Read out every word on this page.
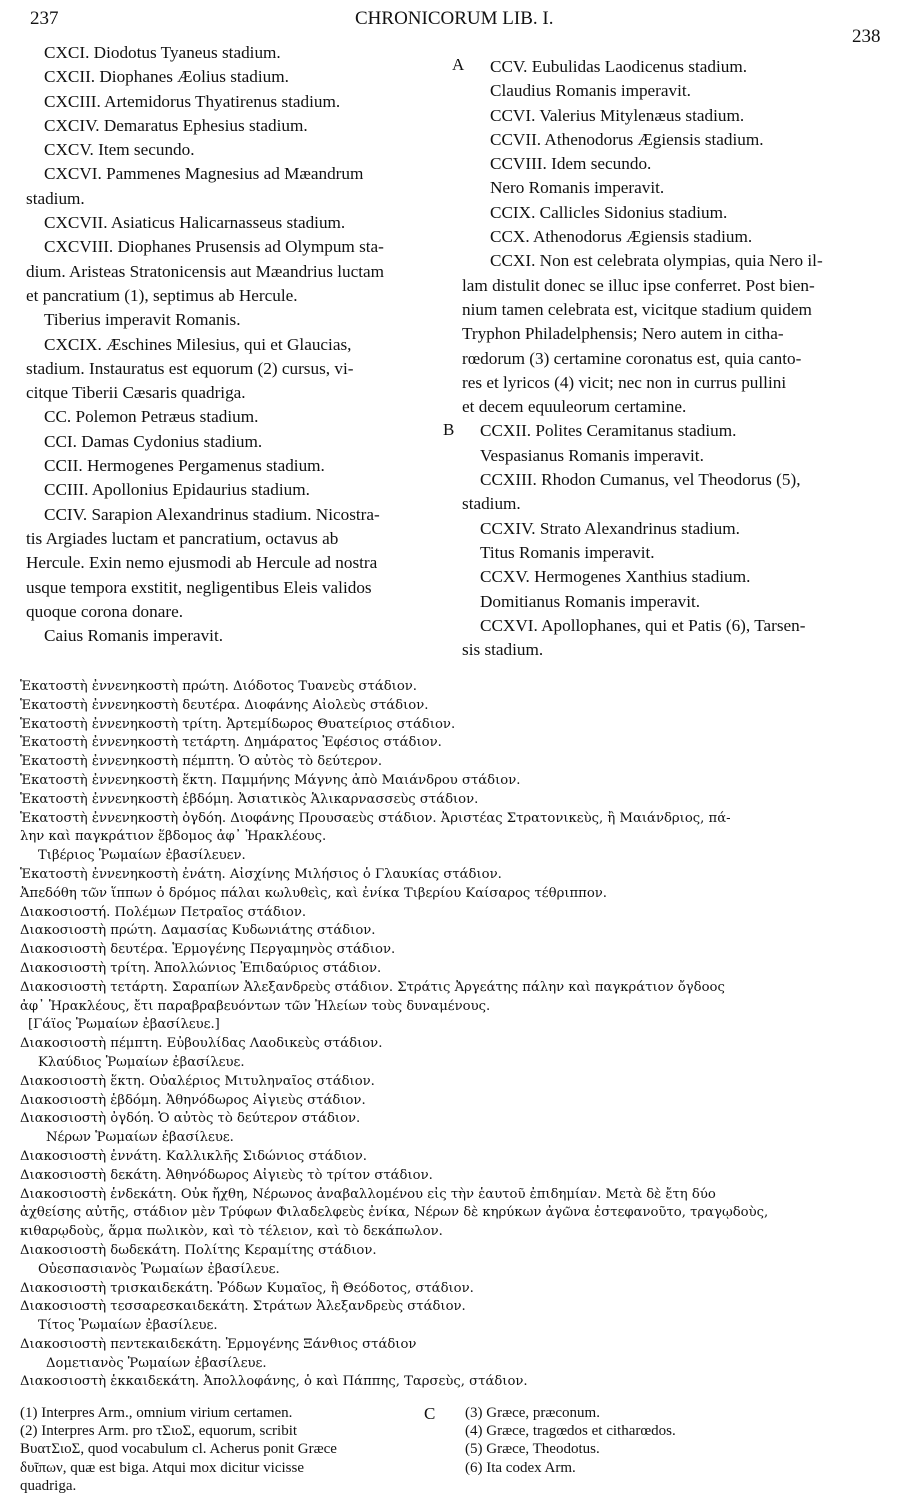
237	CHRONICORUM LIB. I.
238
A
B
C
CXCI. Diodotus Tyaneus stadium.
CXCII. Diophanes Æolius stadium.
CXCIII. Artemidorus Thyatirenus stadium.
CXCIV. Demaratus Ephesius stadium.
CXCV. Item secundo.
CXCVI. Pammenes Magnesius ad Mæandrum
stadium.
CXCVII. Asiaticus Halicarnasseus stadium.
CXCVIII. Diophanes Prusensis ad Olympum sta-
dium. Aristeas Stratonicensis aut Mæandrius luctam
et pancratium (1), septimus ab Hercule.
Tiberius imperavit Romanis.
CXCIX. Æschines Milesius, qui et Glaucias,
stadium. Instauratus est equorum (2) cursus, vi-
citque Tiberii Cæsaris quadriga.
CC. Polemon Petræus stadium.
CCI. Damas Cydonius stadium.
CCII. Hermogenes Pergamenus stadium.
CCIII. Apollonius Epidaurius stadium.
CCIV. Sarapion Alexandrinus stadium. Nicostra-
tis Argiades luctam et pancratium, octavus ab
Hercule. Exin nemo ejusmodi ab Hercule ad nostra
usque tempora exstitit, negligentibus Eleis validos
quoque corona donare.
Caius Romanis imperavit.
CCV. Eubulidas Laodicenus stadium.
Claudius Romanis imperavit.
CCVI. Valerius Mitylenæus stadium.
CCVII. Athenodorus Ægiensis stadium.
CCVIII. Idem secundo.
Nero Romanis imperavit.
CCIX. Callicles Sidonius stadium.
CCX. Athenodorus Ægiensis stadium.
CCXI. Non est celebrata olympias, quia Nero il-
lam distulit donec se illuc ipse conferret. Post bien-
nium tamen celebrata est, vicitque stadium quidem
Tryphon Philadelphensis; Nero autem in citha-
rœdorum (3) certamine coronatus est, quia canto-
res et lyricos (4) vicit; nec non in currus pullini
et decem equuleorum certamine.
CCXII. Polites Ceramitanus stadium.
Vespasianus Romanis imperavit.
CCXIII. Rhodon Cumanus, vel Theodorus (5),
stadium.
CCXIV. Strato Alexandrinus stadium.
Titus Romanis imperavit.
CCXV. Hermogenes Xanthius stadium.
Domitianus Romanis imperavit.
CCXVI. Apollophanes, qui et Patis (6), Tarsen-
sis stadium.
Ἑκατοστὴ ἐννενηκοστὴ πρώτη. Διόδοτος Τυανεὺς στάδιον.
Ἑκατοστὴ ἐννενηκοστὴ δευτέρα. Διοφάνης Αἰολεὺς στάδιον.
Ἑκατοστὴ ἐννενηκοστὴ τρίτη. Ἀρτεμίδωρος Θυατείριος στάδιον.
Ἑκατοστὴ ἐννενηκοστὴ τετάρτη. Δημάρατος Ἐφέσιος στάδιον.
Ἑκατοστὴ ἐννενηκοστὴ πέμπτη. Ὁ αὐτὸς τὸ δεύτερον.
Ἑκατοστὴ ἐννενηκοστὴ ἕκτη. Παμμήνης Μάγνης ἀπὸ Μαιάνδρου στάδιον.
Ἑκατοστὴ ἐννενηκοστὴ ἑβδόμη. Ἀσιατικὸς Ἁλικαρνασσεὺς στάδιον.
Ἑκατοστὴ ἐννενηκοστὴ ὀγδόη. Διοφάνης Προυσαεὺς στάδιον. Ἀριστέας Στρατονικεὺς, ἢ Μαιάνδριος, πά-
λην καὶ παγκράτιον ἕβδομος ἀφ᾽ Ἡρακλέους.
Τιβέριος Ῥωμαίων ἐβασίλευεν.
Ἑκατοστὴ ἐννενηκοστὴ ἐνάτη. Αἰσχίνης Μιλήσιος ὁ Γλαυκίας στάδιον.
Ἀπεδόθη τῶν ἵππων ὁ δρόμος πάλαι κωλυθεὶς, καὶ ἐνίκα Τιβερίου Καίσαρος τέθριππον.
Διακοσιοστή. Πολέμων Πετραῖος στάδιον.
Διακοσιοστὴ πρώτη. Δαμασίας Κυδωνιάτης στάδιον.
Διακοσιοστὴ δευτέρα. Ἑρμογένης Περγαμηνὸς στάδιον.
Διακοσιοστὴ τρίτη. Ἀπολλώνιος Ἐπιδαύριος στάδιον.
Διακοσιοστὴ τετάρτη. Σαραπίων Ἀλεξανδρεὺς στάδιον. Στράτις Ἀργεάτης πάλην καὶ παγκράτιον ὄγδοος
ἀφ᾽ Ἡρακλέους, ἔτι παραβραβευόντων τῶν Ἠλείων τοὺς δυναμένους.
[Γάϊος Ῥωμαίων ἐβασίλευε.]
Διακοσιοστὴ πέμπτη. Εὐβουλίδας Λαοδικεὺς στάδιον.
Κλαύδιος Ῥωμαίων ἐβασίλευε.
Διακοσιοστὴ ἕκτη. Οὐαλέριος Μιτυληναῖος στάδιον.
Διακοσιοστὴ ἑβδόμη. Ἀθηνόδωρος Αἰγιεὺς στάδιον.
Διακοσιοστὴ ὀγδόη. Ὁ αὐτὸς τὸ δεύτερον στάδιον.
Νέρων Ῥωμαίων ἐβασίλευε.
Διακοσιοστὴ ἐννάτη. Καλλικλῆς Σιδώνιος στάδιον.
Διακοσιοστὴ δεκάτη. Ἀθηνόδωρος Αἰγιεὺς τὸ τρίτον στάδιον.
Διακοσιοστὴ ἑνδεκάτη. Οὐκ ἤχθη, Νέρωνος ἀναβαλλομένου εἰς τὴν ἑαυτοῦ ἐπιδημίαν. Μετὰ δὲ ἔτη δύο
ἀχθείσης αὐτῆς, στάδιον μὲν Τρύφων Φιλαδελφεὺς ἐνίκα, Νέρων δὲ κηρύκων ἀγῶνα ἐστεφανοῦτο, τραγῳδοὺς,
κιθαρῳδοὺς, ἅρμα πωλικὸν, καὶ τὸ τέλειον, καὶ τὸ δεκάπωλον.
Διακοσιοστὴ δωδεκάτη. Πολίτης Κεραμίτης στάδιον.
Οὐεσπασιανὸς Ῥωμαίων ἐβασίλευε.
Διακοσιοστὴ τρισκαιδεκάτη. Ῥόδων Κυμαῖος, ἢ Θεόδοτος, στάδιον.
Διακοσιοστὴ τεσσαρεσκαιδεκάτη. Στράτων Ἀλεξανδρεὺς στάδιον.
Τίτος Ῥωμαίων ἐβασίλευε.
Διακοσιοστὴ πεντεκαιδεκάτη. Ἑρμογένης Ξάνθιος στάδιον
Δομετιανὸς Ῥωμαίων ἐβασίλευε.
Διακοσιοστὴ ἑκκαιδεκάτη. Ἀπολλοφάνης, ὁ καὶ Πάππης, Ταρσεὺς, στάδιον.
(1) Interpres Arm., omnium virium certamen.
(2) Interpres Arm. pro τΣιοΣ, equorum, scribit
ΒυατΣιοΣ, quod vocabulum cl. Acherus ponit Græce
δυῖπων, quæ est biga. Atqui mox dicitur vicisse
quadriga.
(3) Græce, præconum.
(4) Græce, tragœdos et citharœdos.
(5) Græce, Theodotus.
(6) Ita codex Arm.
